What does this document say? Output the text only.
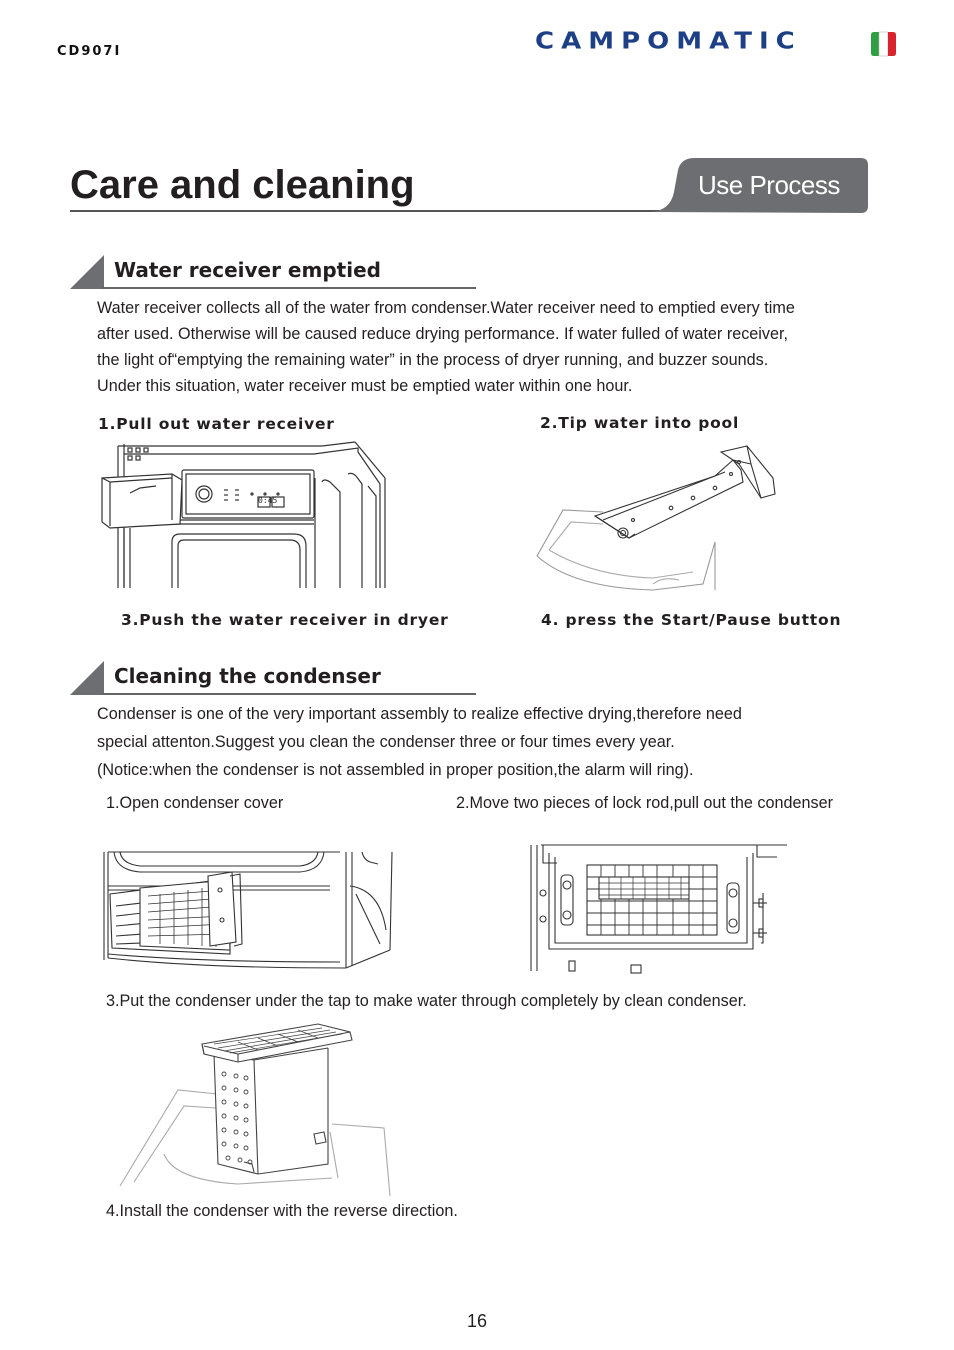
CD907I	CAMPOMATIC
Care and cleaning	Use Process
Water receiver emptied
Water receiver collects all of the water from condenser.Water receiver need to emptied every time
after used. Otherwise will be caused reduce drying performance. If water fulled of water receiver,
the light of“emptying the remaining water” in the process of dryer running, and buzzer sounds.
Under this situation, water receiver must be emptied water within one hour.
1.Pull out water receiver	2.Tip water into pool
0:45
3.Push the water receiver in dryer	4. press the Start/Pause button
Cleaning the condenser
Condenser is one of the very important assembly to realize effective drying,therefore need
special attenton.Suggest you clean the condenser three or four times every year.
(Notice:when the condenser is not assembled in proper position,the alarm will ring).
1.Open condenser cover	2.Move two pieces of lock rod,pull out the condenser
3.Put the condenser under the tap to make water through completely by clean condenser.
4.Install the condenser with the reverse direction.
16
